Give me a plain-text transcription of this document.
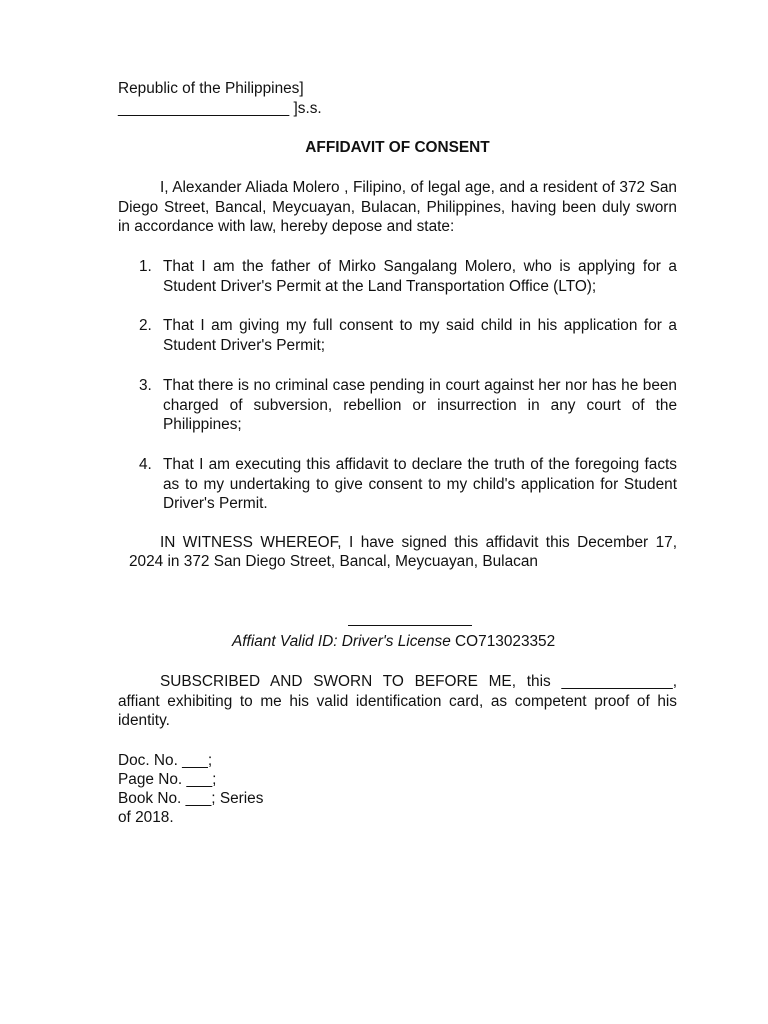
Republic of the Philippines]
____________________ ]s.s.
AFFIDAVIT OF CONSENT
I, Alexander Aliada Molero , Filipino, of legal age, and a resident of 372 San Diego Street, Bancal, Meycuayan, Bulacan, Philippines, having been duly sworn in accordance with law, hereby depose and state:
1. That I am the father of Mirko Sangalang Molero, who is applying for a Student Driver's Permit at the Land Transportation Office (LTO);
2. That I am giving my full consent to my said child in his application for a Student Driver's Permit;
3. That there is no criminal case pending in court against her nor has he been charged of subversion, rebellion or insurrection in any court of the Philippines;
4. That I am executing this affidavit to declare the truth of the foregoing facts as to my undertaking to give consent to my child's application for Student Driver's Permit.
IN WITNESS WHEREOF, I have signed this affidavit this December 17,
2024 in 372 San Diego Street, Bancal, Meycuayan, Bulacan
Affiant Valid ID: Driver's License CO713023352
SUBSCRIBED AND SWORN TO BEFORE ME, this _____________, affiant exhibiting to me his valid identification card, as competent proof of his identity.
Doc. No. ___;
Page No. ___;
Book No. ___; Series
of 2018.
